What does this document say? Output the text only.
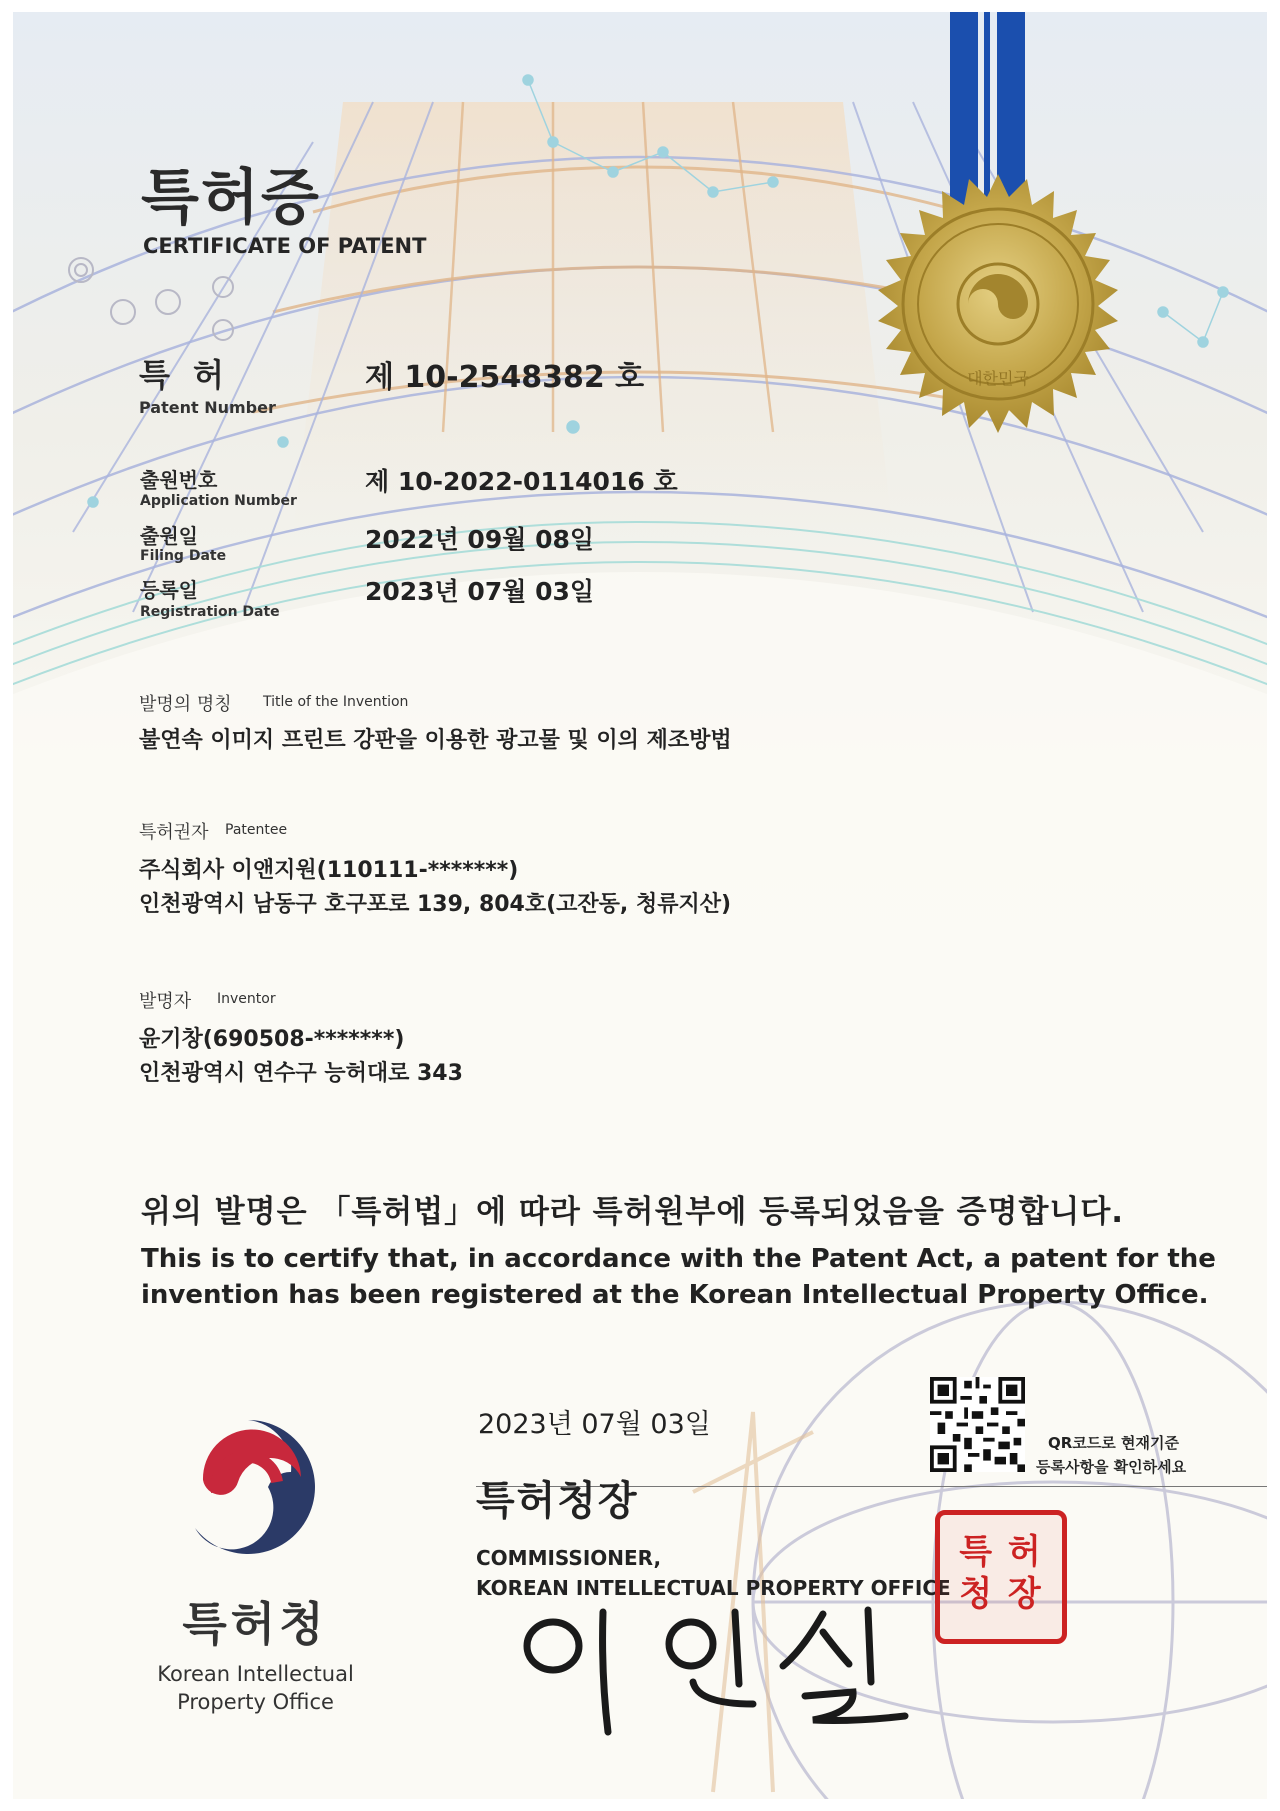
대한민국
특허증
CERTIFICATE OF PATENT
특 허
Patent Number
제 10-2548382 호
출원번호
Application Number
제 10-2022-0114016 호
출원일
Filing Date
2022년 09월 08일
등록일
Registration Date
2023년 07월 03일
발명의 명칭 Title of the Invention
불연속 이미지 프린트 강판을 이용한 광고물 및 이의 제조방법
특허권자 Patentee
주식회사 이앤지원(110111-*******)
인천광역시 남동구 호구포로 139, 804호(고잔동, 청류지산)
발명자 Inventor
윤기창(690508-*******)
인천광역시 연수구 능허대로 343
위의 발명은 「특허법」에 따라 특허원부에 등록되었음을 증명합니다.
This is to certify that, in accordance with the Patent Act, a patent for the
invention has been registered at the Korean Intellectual Property Office.
2023년 07월 03일
특허청장
COMMISSIONER,
KOREAN INTELLECTUAL PROPERTY OFFICE
특 허
청 장
QR코드로 현재기준
등록사항을 확인하세요
특허청
Korean Intellectual
Property Office
